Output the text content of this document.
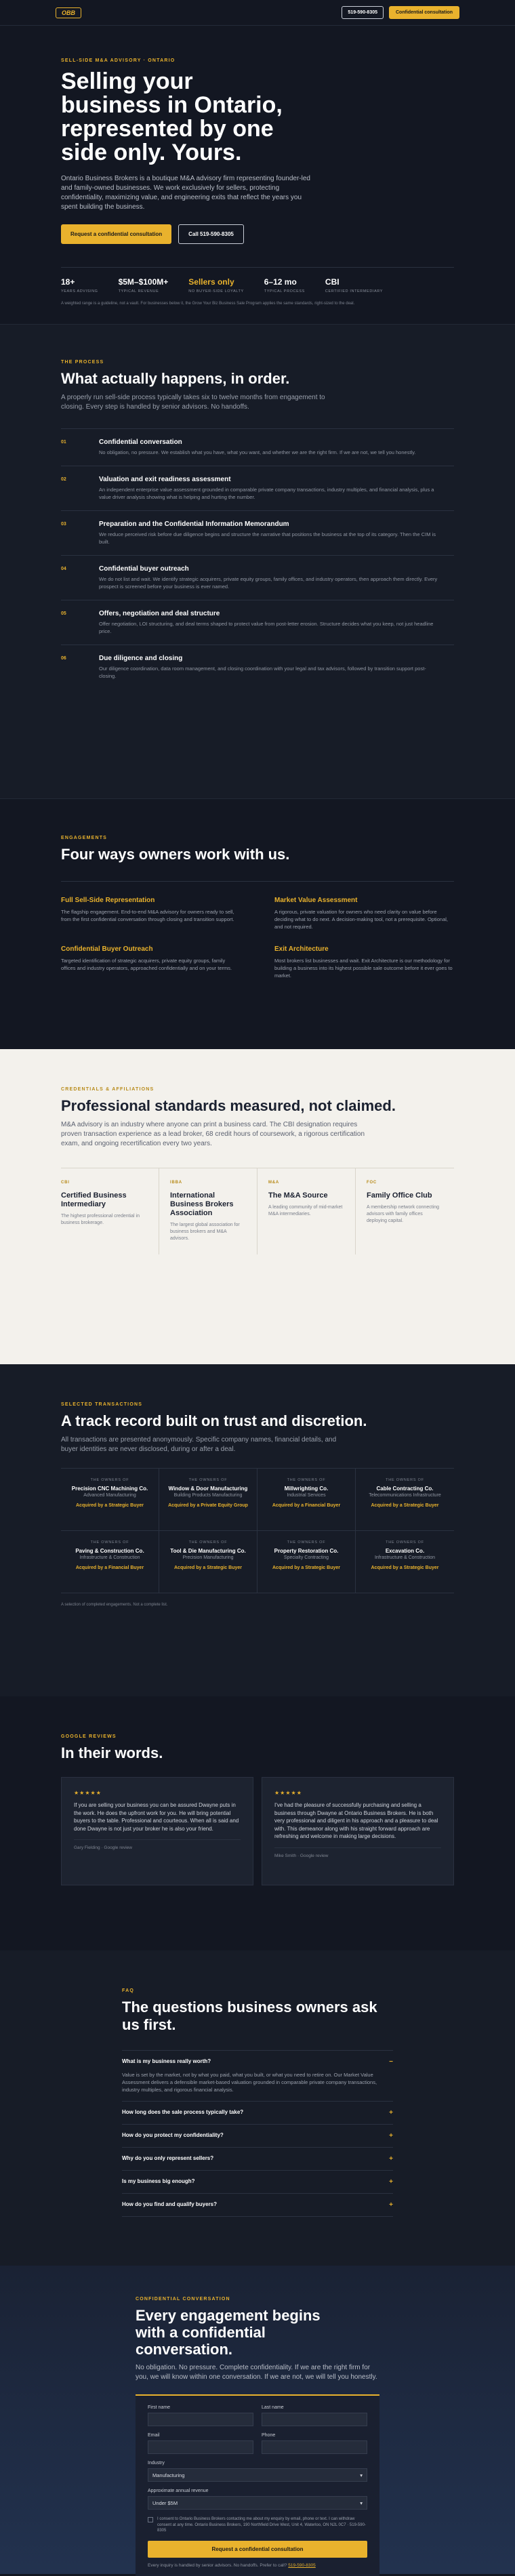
OBB	519-590-8305	Confidential consultation
SELL-SIDE M&A ADVISORY · ONTARIO
Selling your business in Ontario, represented by one side only. Yours.

Ontario Business Brokers is a boutique M&A advisory firm representing founder-led and family-owned businesses. We work exclusively for sellers, protecting confidentiality, maximizing value, and engineering exits that reflect the years you spent building the business.

Request a confidential consultation	Call 519-590-8305
18+
YEARS ADVISING
$5M–$100M+
TYPICAL REVENUE
Sellers only
NO BUYER-SIDE LOYALTY
6–12 mo
TYPICAL PROCESS
CBI
CERTIFIED INTERMEDIARY
A weighted range is a guideline, not a vault. For businesses below it, the Grow Your Biz Business Sale Program applies the same standards, right-sized to the deal.
THE PROCESS
What actually happens, in order.
A properly run sell-side process typically takes six to twelve months from engagement to closing. Every step is handled by senior advisors. No handoffs.
01	Confidential conversation
No obligation, no pressure. We establish what you have, what you want, and whether we are the right firm. If we are not, we tell you honestly.
02	Valuation and exit readiness assessment
An independent enterprise value assessment grounded in comparable private company transactions, industry multiples, and financial analysis, plus a value driver analysis showing what is helping and hurting the number.
03	Preparation and the Confidential Information Memorandum
We reduce perceived risk before due diligence begins and structure the narrative that positions the business at the top of its category. Then the CIM is built.
04	Confidential buyer outreach
We do not list and wait. We identify strategic acquirers, private equity groups, family offices, and industry operators, then approach them directly. Every prospect is screened before your business is ever named.
05	Offers, negotiation and deal structure
Offer negotiation, LOI structuring, and deal terms shaped to protect value from post-letter erosion. Structure decides what you keep, not just headline price.
06	Due diligence and closing
Our diligence coordination, data room management, and closing coordination with your legal and tax advisors, followed by transition support post-closing.
ENGAGEMENTS
Four ways owners work with us.
Full Sell-Side Representation
The flagship engagement. End-to-end M&A advisory for owners ready to sell, from the first confidential conversation through closing and transition support.
Market Value Assessment
A rigorous, private valuation for owners who need clarity on value before deciding what to do next. A decision-making tool, not a prerequisite. Optional, and not required.
Confidential Buyer Outreach
Targeted identification of strategic acquirers, private equity groups, family offices and industry operators, approached confidentially and on your terms.
Exit Architecture
Most brokers list businesses and wait. Exit Architecture is our methodology for building a business into its highest possible sale outcome before it ever goes to market.
CREDENTIALS & AFFILIATIONS
Professional standards measured, not claimed.
M&A advisory is an industry where anyone can print a business card. The CBI designation requires proven transaction experience as a lead broker, 68 credit hours of coursework, a rigorous certification exam, and ongoing recertification every two years.
CBI
Certified Business Intermediary
The highest professional credential in business brokerage.
IBBA
International Business Brokers Association
The largest global association for business brokers and M&A advisors.
M&A
The M&A Source
A leading community of mid-market M&A intermediaries.
FOC
Family Office Club
A membership network connecting advisors with family offices deploying capital.
SELECTED TRANSACTIONS
A track record built on trust and discretion.
All transactions are presented anonymously. Specific company names, financial details, and buyer identities are never disclosed, during or after a deal.
THE OWNERS OF
Precision CNC Machining Co.
Advanced Manufacturing
Acquired by a Strategic Buyer
THE OWNERS OF
Window & Door Manufacturing
Building Products Manufacturing
Acquired by a Private Equity Group
THE OWNERS OF
Millwrighting Co.
Industrial Services
Acquired by a Financial Buyer
THE OWNERS OF
Cable Contracting Co.
Telecommunications Infrastructure
Acquired by a Strategic Buyer
THE OWNERS OF
Paving & Construction Co.
Infrastructure & Construction
Acquired by a Financial Buyer
THE OWNERS OF
Tool & Die Manufacturing Co.
Precision Manufacturing
Acquired by a Strategic Buyer
THE OWNERS OF
Property Restoration Co.
Specialty Contracting
Acquired by a Strategic Buyer
THE OWNERS OF
Excavation Co.
Infrastructure & Construction
Acquired by a Strategic Buyer
A selection of completed engagements. Not a complete list.
GOOGLE REVIEWS
In their words.
★★★★★
If you are selling your business you can be assured Dwayne puts in the work. He does the upfront work for you. He will bring potential buyers to the table. Professional and courteous. When all is said and done Dwayne is not just your broker he is also your friend.
Gary Fielding · Google review
★★★★★
I've had the pleasure of successfully purchasing and selling a business through Dwayne at Ontario Business Brokers. He is both very professional and diligent in his approach and a pleasure to deal with. This demeanor along with his straight forward approach are refreshing and welcome in making large decisions.
Mike Smith · Google review
FAQ
The questions business owners ask us first.
What is my business really worth?	−
Value is set by the market, not by what you paid, what you built, or what you need to retire on. Our Market Value Assessment delivers a defensible market-based valuation grounded in comparable private company transactions, industry multiples, and rigorous financial analysis.
How long does the sale process typically take?	+
How do you protect my confidentiality?	+
Why do you only represent sellers?	+
Is my business big enough?	+
How do you find and qualify buyers?	+
CONFIDENTIAL CONVERSATION
Every engagement begins with a confidential conversation.
No obligation. No pressure. Complete confidentiality. If we are the right firm for you, we will know within one conversation. If we are not, we will tell you honestly.
First name	Last name
Email	Phone
Industry
Manufacturing	▾
Approximate annual revenue
Under $5M	▾
I consent to Ontario Business Brokers contacting me about my enquiry by email, phone or text. I can withdraw consent at any time. Ontario Business Brokers, 190 Northfield Drive West, Unit 4, Waterloo, ON N2L 0C7 · 519-590-8305
Request a confidential consultation
Every inquiry is handled by senior advisors. No handoffs. Prefer to call? 519-590-8305
